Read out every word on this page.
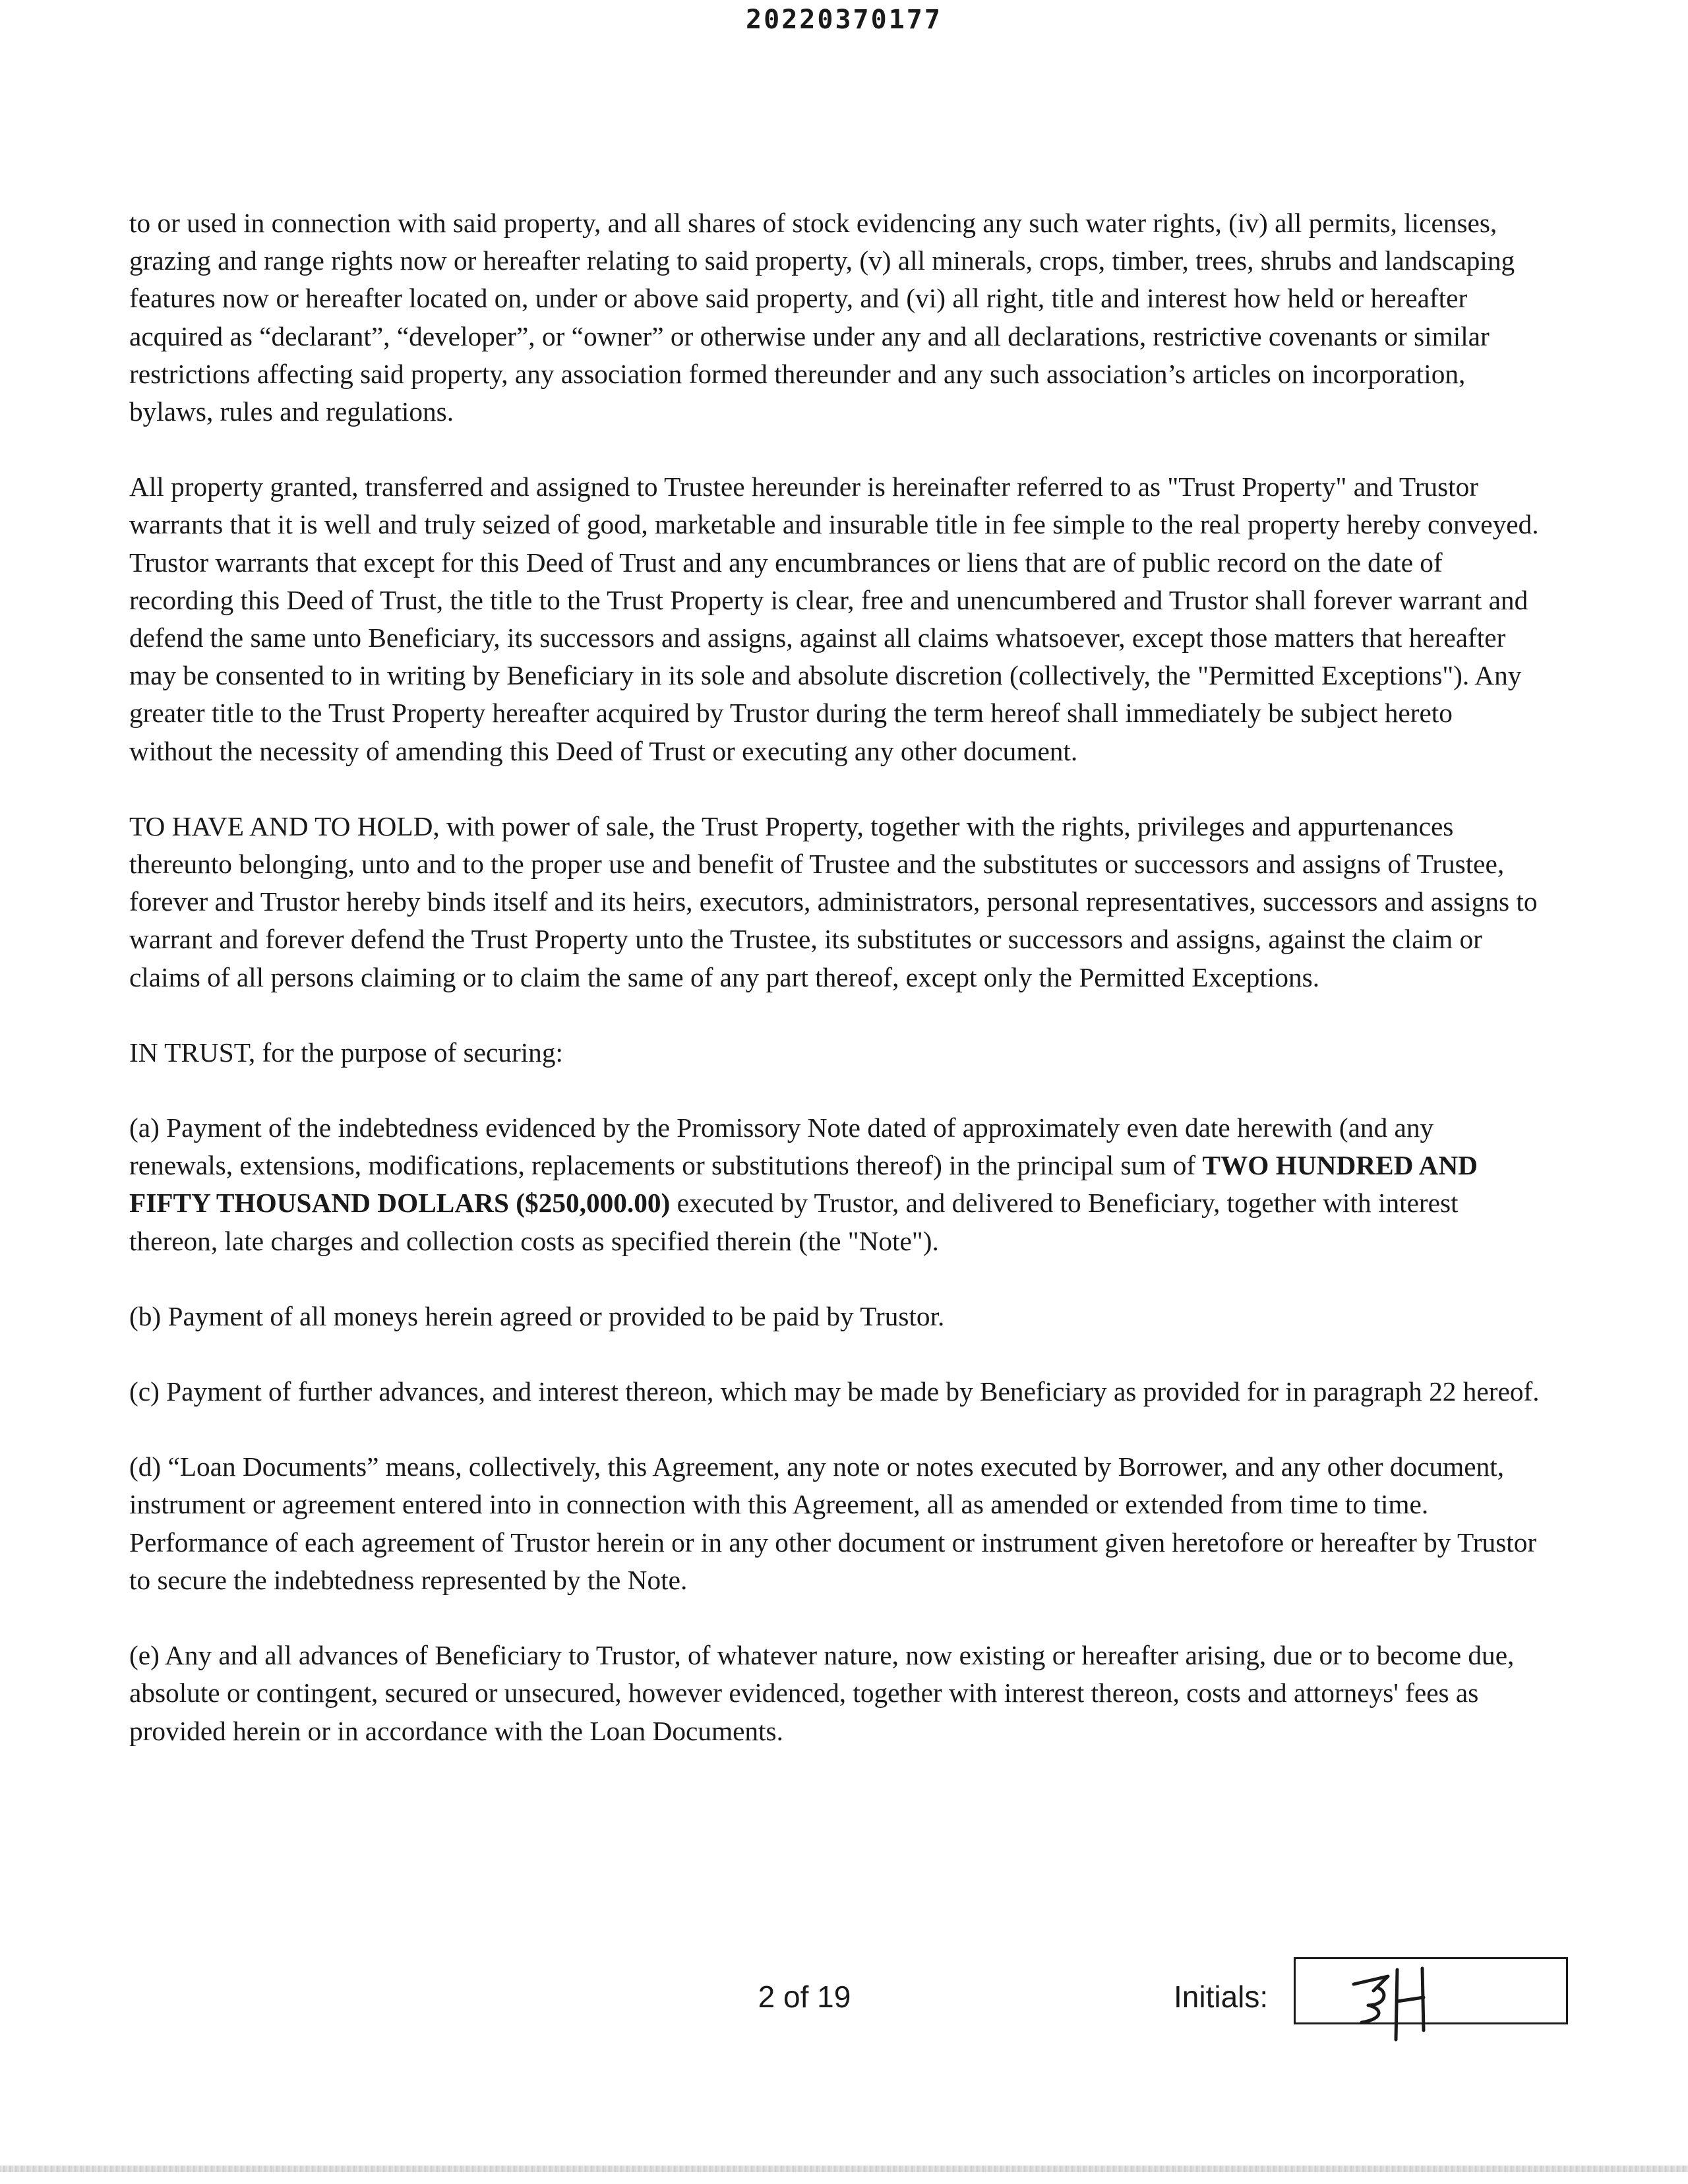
20220370177

to or used in connection with said property, and all shares of stock evidencing any such water rights, (iv) all permits, licenses, grazing and range rights now or hereafter relating to said property, (v) all minerals, crops, timber, trees, shrubs and landscaping features now or hereafter located on, under or above said property, and (vi) all right, title and interest how held or hereafter acquired as “declarant”, “developer”, or “owner” or otherwise under any and all declarations, restrictive covenants or similar restrictions affecting said property, any association formed thereunder and any such association’s articles on incorporation, bylaws, rules and regulations.

All property granted, transferred and assigned to Trustee hereunder is hereinafter referred to as "Trust Property" and Trustor warrants that it is well and truly seized of good, marketable and insurable title in fee simple to the real property hereby conveyed. Trustor warrants that except for this Deed of Trust and any encumbrances or liens that are of public record on the date of recording this Deed of Trust, the title to the Trust Property is clear, free and unencumbered and Trustor shall forever warrant and defend the same unto Beneficiary, its successors and assigns, against all claims whatsoever, except those matters that hereafter may be consented to in writing by Beneficiary in its sole and absolute discretion (collectively, the "Permitted Exceptions"). Any greater title to the Trust Property hereafter acquired by Trustor during the term hereof shall immediately be subject hereto without the necessity of amending this Deed of Trust or executing any other document.

TO HAVE AND TO HOLD, with power of sale, the Trust Property, together with the rights, privileges and appurtenances thereunto belonging, unto and to the proper use and benefit of Trustee and the substitutes or successors and assigns of Trustee, forever and Trustor hereby binds itself and its heirs, executors, administrators, personal representatives, successors and assigns to warrant and forever defend the Trust Property unto the Trustee, its substitutes or successors and assigns, against the claim or claims of all persons claiming or to claim the same of any part thereof, except only the Permitted Exceptions.

IN TRUST, for the purpose of securing:

(a) Payment of the indebtedness evidenced by the Promissory Note dated of approximately even date herewith (and any renewals, extensions, modifications, replacements or substitutions thereof) in the principal sum of TWO HUNDRED AND FIFTY THOUSAND DOLLARS ($250,000.00) executed by Trustor, and delivered to Beneficiary, together with interest thereon, late charges and collection costs as specified therein (the "Note").

(b) Payment of all moneys herein agreed or provided to be paid by Trustor.

(c) Payment of further advances, and interest thereon, which may be made by Beneficiary as provided for in paragraph 22 hereof.

(d) “Loan Documents” means, collectively, this Agreement, any note or notes executed by Borrower, and any other document, instrument or agreement entered into in connection with this Agreement, all as amended or extended from time to time. Performance of each agreement of Trustor herein or in any other document or instrument given heretofore or hereafter by Trustor to secure the indebtedness represented by the Note.

(e) Any and all advances of Beneficiary to Trustor, of whatever nature, now existing or hereafter arising, due or to become due, absolute or contingent, secured or unsecured, however evidenced, together with interest thereon, costs and attorneys' fees as provided herein or in accordance with the Loan Documents.

2 of 19	Initials:
